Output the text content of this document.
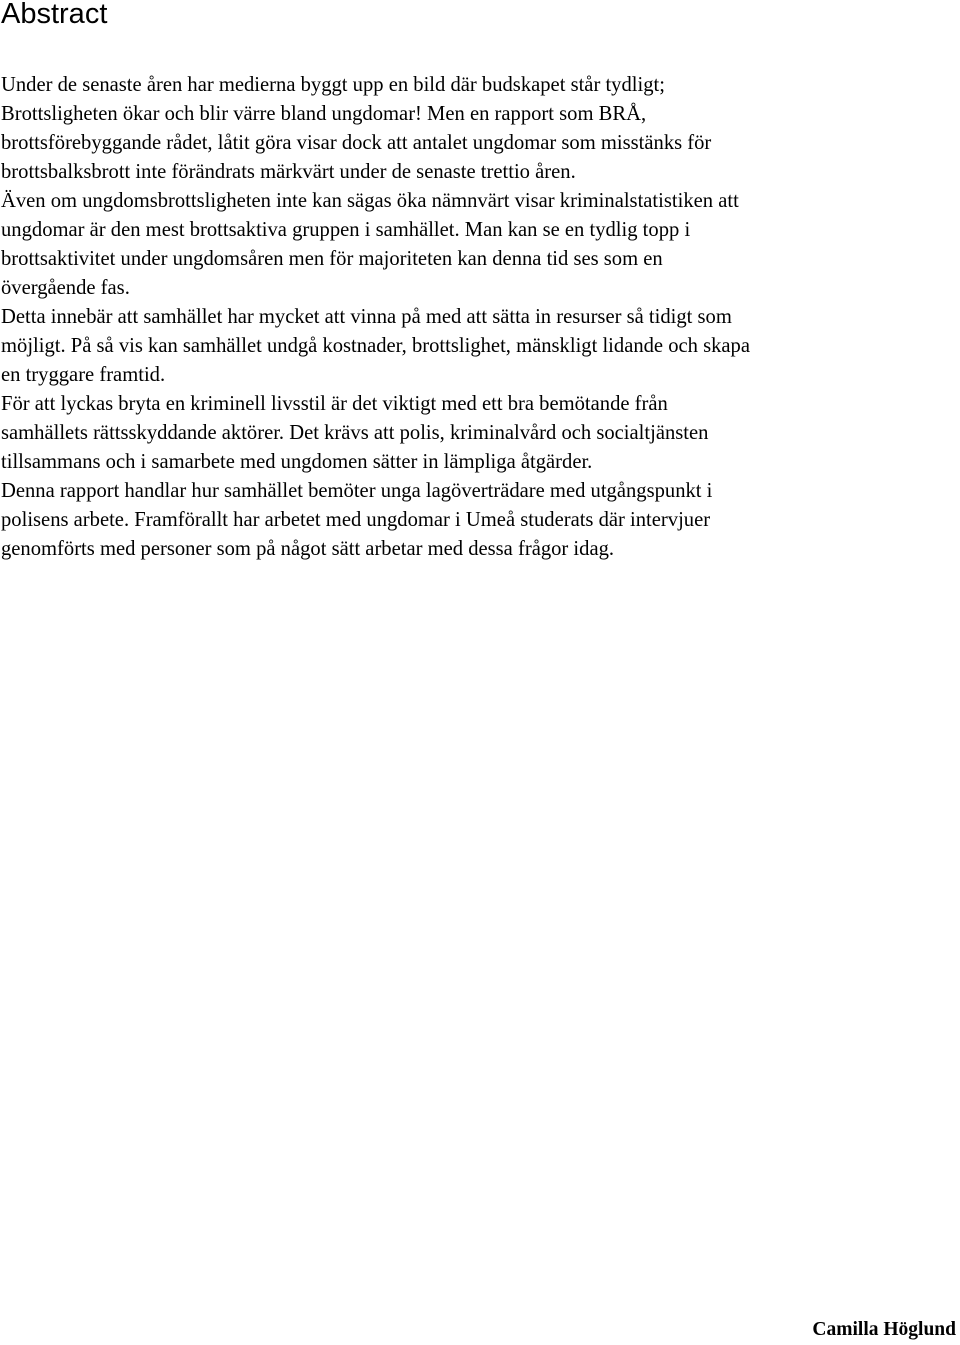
Abstract
Under de senaste åren har medierna byggt upp en bild där budskapet står tydligt;
Brottsligheten ökar och blir värre bland ungdomar! Men en rapport som BRÅ,
brottsförebyggande rådet, låtit göra visar dock att antalet ungdomar som misstänks för
brottsbalksbrott inte förändrats märkvärt under de senaste trettio åren.
Även om ungdomsbrottsligheten inte kan sägas öka nämnvärt visar kriminalstatistiken att
ungdomar är den mest brottsaktiva gruppen i samhället. Man kan se en tydlig topp i
brottsaktivitet under ungdomsåren men för majoriteten kan denna tid ses som en
övergående fas.
Detta innebär att samhället har mycket att vinna på med att sätta in resurser så tidigt som
möjligt. På så vis kan samhället undgå kostnader, brottslighet, mänskligt lidande och skapa
en tryggare framtid.
För att lyckas bryta en kriminell livsstil är det viktigt med ett bra bemötande från
samhällets rättsskyddande aktörer. Det krävs att polis, kriminalvård och socialtjänsten
tillsammans och i samarbete med ungdomen sätter in lämpliga åtgärder.
Denna rapport handlar hur samhället bemöter unga lagöverträdare med utgångspunkt i
polisens arbete. Framförallt har arbetet med ungdomar i Umeå studerats där intervjuer
genomförts med personer som på något sätt arbetar med dessa frågor idag.
Camilla Höglund
